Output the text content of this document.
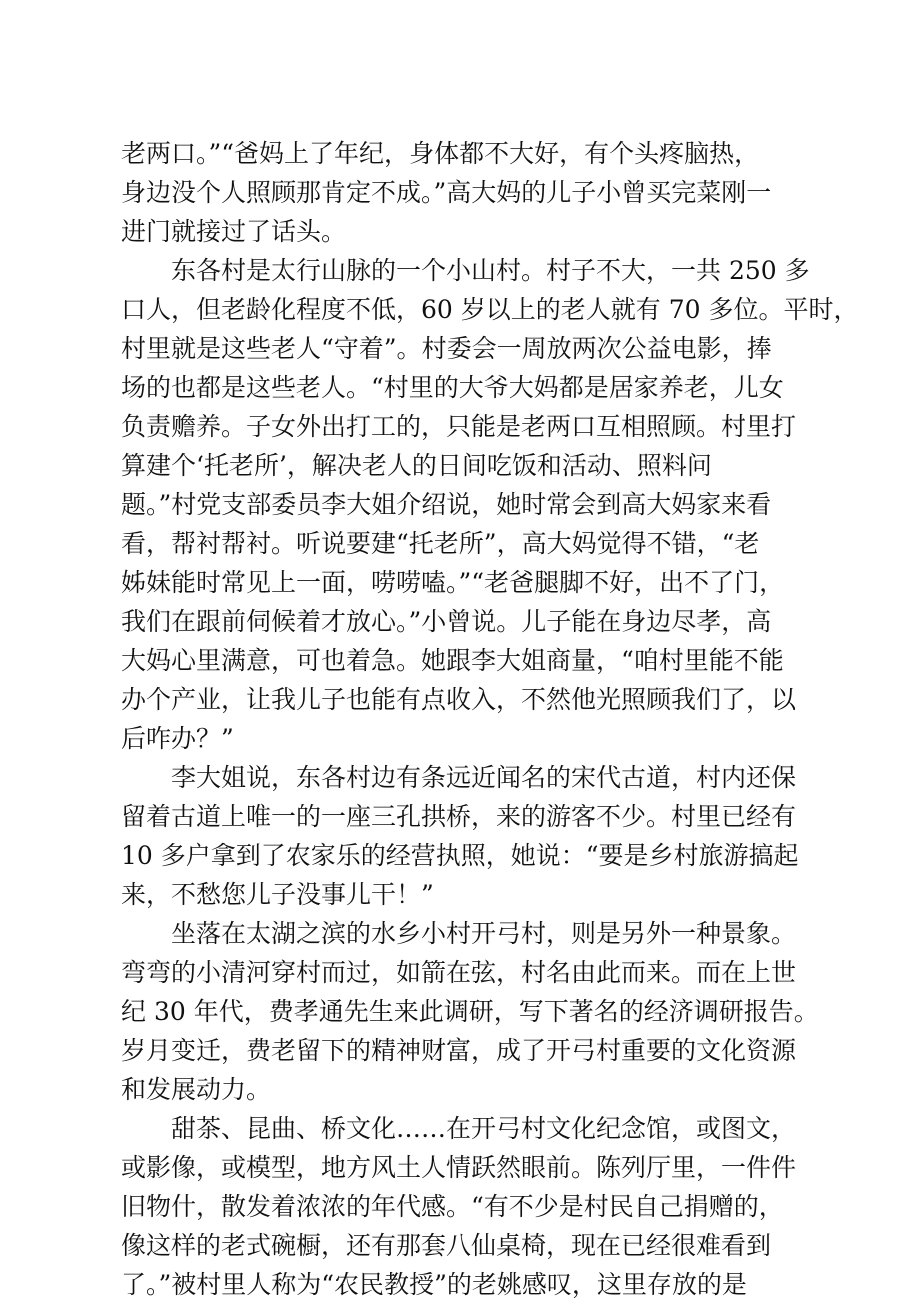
老两口。”“爸妈上了年纪，身体都不大好，有个头疼脑热，
身边没个人照顾那肯定不成。”高大妈的儿子小曾买完菜刚一
进门就接过了话头。
东各村是太行山脉的一个小山村。村子不大，一共 250 多
口人，但老龄化程度不低，60 岁以上的老人就有 70 多位。平时，
村里就是这些老人“守着”。村委会一周放两次公益电影，捧
场的也都是这些老人。“村里的大爷大妈都是居家养老，儿女
负责赡养。子女外出打工的，只能是老两口互相照顾。村里打
算建个‘托老所’，解决老人的日间吃饭和活动、照料问
题。”村党支部委员李大姐介绍说，她时常会到高大妈家来看
看，帮衬帮衬。听说要建“托老所”，高大妈觉得不错，“老
姊妹能时常见上一面，唠唠嗑。”“老爸腿脚不好，出不了门，
我们在跟前伺候着才放心。”小曾说。儿子能在身边尽孝，高
大妈心里满意，可也着急。她跟李大姐商量，“咱村里能不能
办个产业，让我儿子也能有点收入，不然他光照顾我们了，以
后咋办？”
李大姐说，东各村边有条远近闻名的宋代古道，村内还保
留着古道上唯一的一座三孔拱桥，来的游客不少。村里已经有
10 多户拿到了农家乐的经营执照，她说：“要是乡村旅游搞起
来，不愁您儿子没事儿干！”
坐落在太湖之滨的水乡小村开弓村，则是另外一种景象。
弯弯的小清河穿村而过，如箭在弦，村名由此而来。而在上世
纪 30 年代，费孝通先生来此调研，写下著名的经济调研报告。
岁月变迁，费老留下的精神财富，成了开弓村重要的文化资源
和发展动力。
甜茶、昆曲、桥文化……在开弓村文化纪念馆，或图文，
或影像，或模型，地方风土人情跃然眼前。陈列厅里，一件件
旧物什，散发着浓浓的年代感。“有不少是村民自己捐赠的，
像这样的老式碗橱，还有那套八仙桌椅，现在已经很难看到
了。”被村里人称为“农民教授”的老姚感叹，这里存放的是
